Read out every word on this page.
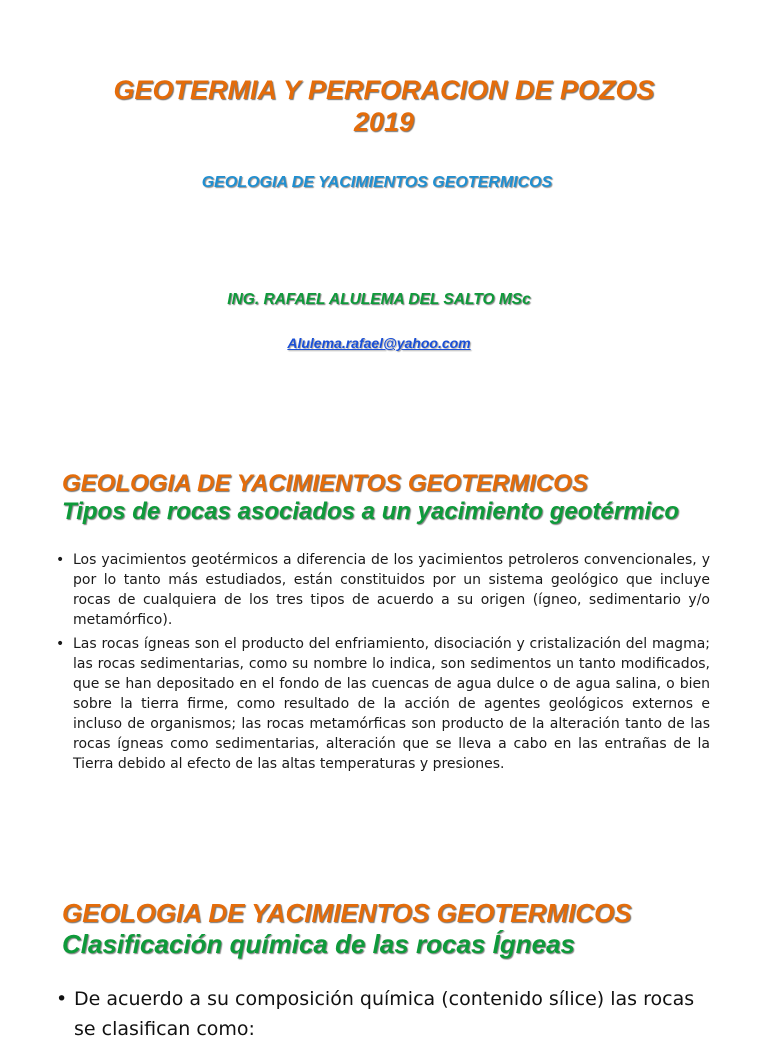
GEOTERMIA Y PERFORACION DE POZOS
2019

GEOLOGIA DE YACIMIENTOS GEOTERMICOS

ING. RAFAEL ALULEMA DEL SALTO MSc

Alulema.rafael@yahoo.com
GEOLOGIA DE YACIMIENTOS GEOTERMICOS
Tipos de rocas asociados a un yacimiento geotérmico
• Los yacimientos geotérmicos a diferencia de los yacimientos petroleros convencionales, y por lo tanto más estudiados, están constituidos por un sistema geológico que incluye rocas de cualquiera de los tres tipos de acuerdo a su origen (ígneo, sedimentario y/o metamórfico).
• Las rocas ígneas son el producto del enfriamiento, disociación y cristalización del magma; las rocas sedimentarias, como su nombre lo indica, son sedimentos un tanto modificados, que se han depositado en el fondo de las cuencas de agua dulce o de agua salina, o bien sobre la tierra firme, como resultado de la acción de agentes geológicos externos e incluso de organismos; las rocas metamórficas son producto de la alteración tanto de las rocas ígneas como sedimentarias, alteración que se lleva a cabo en las entrañas de la Tierra debido al efecto de las altas temperaturas y presiones.
GEOLOGIA DE YACIMIENTOS GEOTERMICOS
Clasificación química de las rocas Ígneas
• De acuerdo a su composición química (contenido sílice) las rocas se clasifican como:
